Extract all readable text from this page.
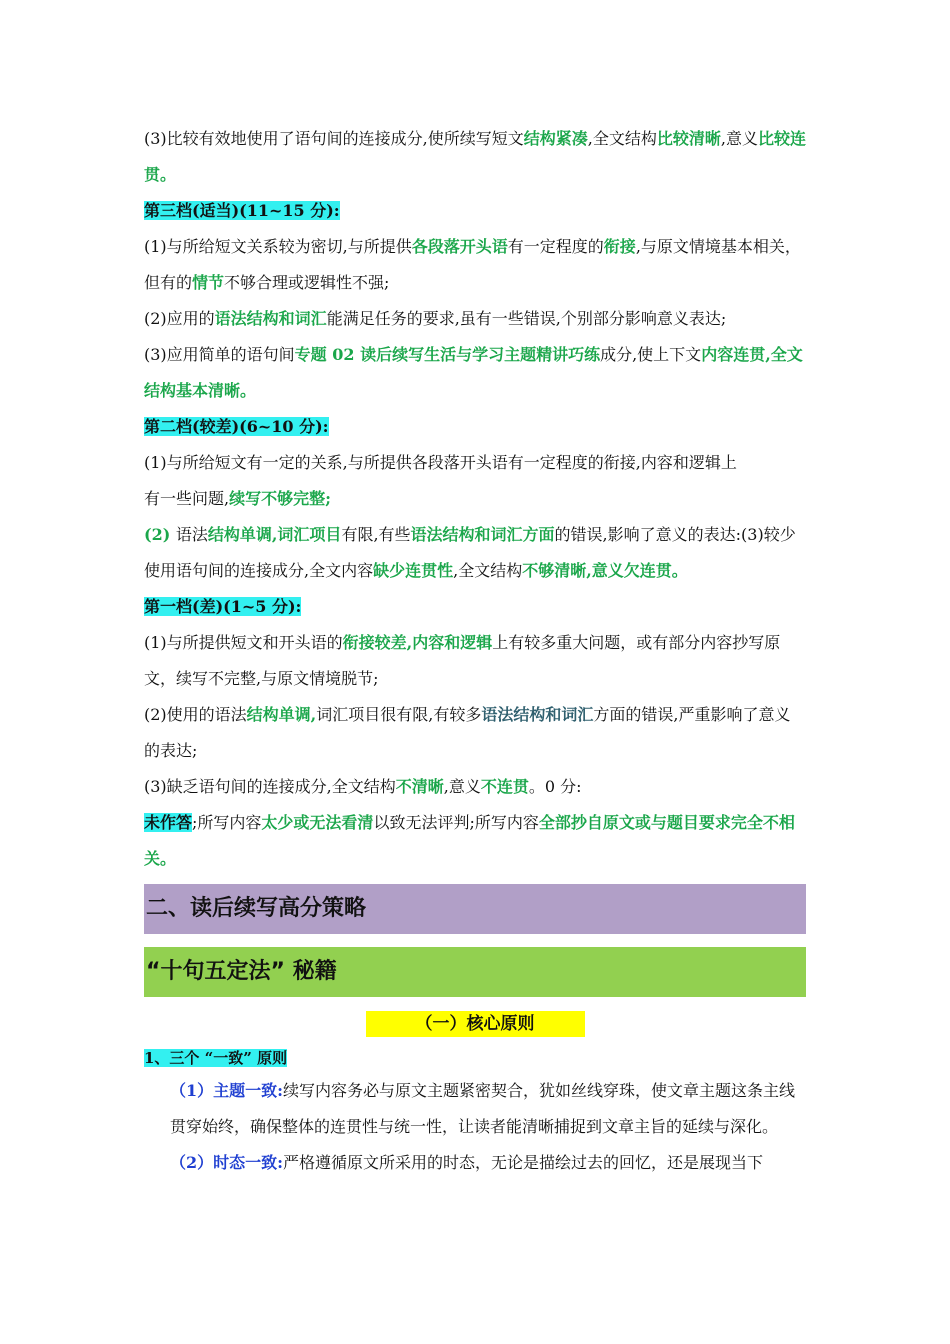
(3)比较有效地使用了语句间的连接成分,使所续写短文结构紧凑,全文结构比较清晰,意义比较连贯。

第三档(适当)(11~15 分):

(1)与所给短文关系较为密切,与所提供各段落开头语有一定程度的衔接,与原文情境基本相关，但有的情节不够合理或逻辑性不强;

(2)应用的语法结构和词汇能满足任务的要求,虽有一些错误,个别部分影响意义表达;

(3)应用简单的语句间专题 02 读后续写生活与学习主题精讲巧练成分,使上下文内容连贯,全文结构基本清晰。

第二档(较差)(6~10 分):

(1)与所给短文有一定的关系,与所提供各段落开头语有一定程度的衔接,内容和逻辑上

有一些问题,续写不够完整;

(2) 语法结构单调,词汇项目有限,有些语法结构和词汇方面的错误,影响了意义的表达:(3)较少使用语句间的连接成分,全文内容缺少连贯性,全文结构不够清晰,意义欠连贯。

第一档(差)(1~5 分):

(1)与所提供短文和开头语的衔接较差,内容和逻辑上有较多重大问题，或有部分内容抄写原文，续写不完整,与原文情境脱节;

(2)使用的语法结构单调,词汇项目很有限,有较多语法结构和词汇方面的错误,严重影响了意义的表达;

(3)缺乏语句间的连接成分,全文结构不清晰,意义不连贯。0 分:

未作答;所写内容太少或无法看清以致无法评判;所写内容全部抄自原文或与题目要求完全不相关。

二、读后续写高分策略
“十句五定法” 秘籍
（一）核心原则
1、三个 “一致” 原则

（1）主题一致:续写内容务必与原文主题紧密契合，犹如丝线穿珠，使文章主题这条主线贯穿始终，确保整体的连贯性与统一性，让读者能清晰捕捉到文章主旨的延续与深化。

（2）时态一致:严格遵循原文所采用的时态，无论是描绘过去的回忆，还是展现当下
